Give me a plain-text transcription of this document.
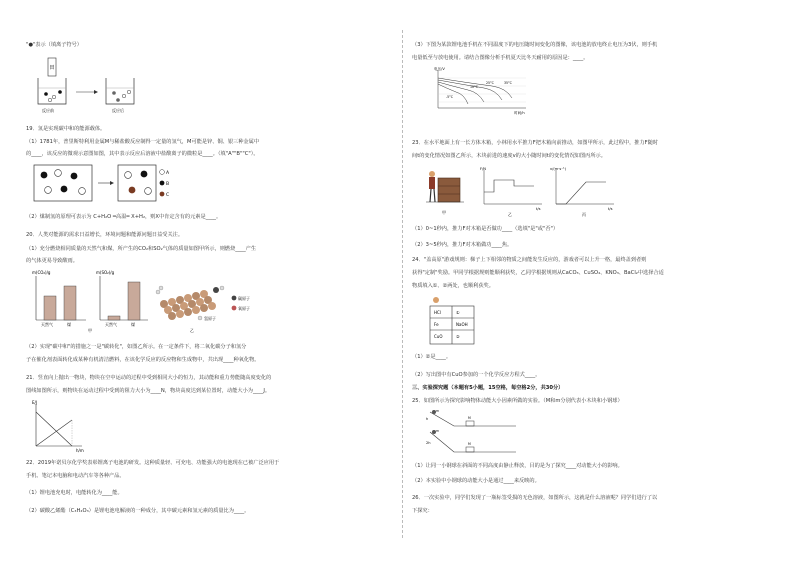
"●"表示（填离子符号）
田
反应前	反应后
19．氢是实现碳中和的能源载体。
（1）1781年，普里斯特利用金属M与稀盐酸反应制得一定量的氢气，M可能是锌、铜、银三种金属中
的____，该反应的微观示意图如图，其中表示反应后溶液中盐酸离子的微粒是____。（填"A""B""C"）。
A
B
C
（2）煤制氢的原理可表示为 C+H₂O ═高温═ X+H₂，则X中肯定含有的元素是____。
20．人类对能源的需求日益增长，环境问题和能源问题日益受关注。
（1）充分燃烧相同质量的天然气和煤，所产生的CO₂和SO₂气体的质量如图甲所示，则燃烧____产生
的气体更易导致酸雨。
m(CO₂)/g
天然气	煤
m(SO₂)/g
天然气	煤
甲
碳原子
氧原子
氢原子
乙
（2）实现"碳中和"的措施之一是"碳转化"，如图乙所示。在一定条件下，将二氧化碳分子和氢分
子在催化剂表面转化成某种有机清洁燃料，在该化学反应的反应物和生成物中，共出现____种氧化物。
21．竖直向上抛出一物块，物块在空中运动的过程中受到相同大小的恒力，其动能和重力势能随高度变化的
图线如图所示，则物块在运动过程中受到的阻力大小为____N，物块高度达到某位置时，动能大小为____J。
E/J
h/m
22．2019年诺贝尔化学奖表彰锂离子电池的研发。这种质量轻、可充电、功能强大的电池现在已被广泛应用于
手机、笔记本电脑和电动汽车等各种产品。
（1）锂电池充电时，电能转化为____能。
（2）碳酸乙烯酯（C₃H₄O₃）是锂电池电解液的一种成分，其中碳元素和氢元素的质量比为____。
（3）下图为某款锂电池手机在不同温度下的电压随时间变化的图像，该电池的放电终止电压为3伏，则手机
电量低至与放电使用。请结合图像分析手机夏天比冬天耐用的原因是：____。
电压/V
35°C
25°C
10°C
-5°C
时间/h
23．在水平地面上有一长方体木箱，小林用水平推力F把木箱向前推动，如图甲所示，此过程中，推力F随时
间t的变化情况如图乙所示，木块前进的速度v的大小随时间t的变化情况如图丙所示。
甲
F/N
t/s
乙
v/(m·s⁻¹)
t/s
丙
（1）0~1秒内，推力F对木箱是否做功____（选填"是"或"否"）
（2）3~5秒内，推力F对木箱做功____焦。
24．"盖高原"游戏规则：梯子上下相邻的物质之间能发生反应的，游戏者可以上升一格，最终盖到者则
获得"定制"奖励。甲同学根据规则能顺利获奖，乙同学根据规则从CaCO₃、CuSO₄、KNO₃、BaCl₂中选择合适
物质填入①、②两处，也顺利获奖。
HCl	①
Fe	NaOH
CuO	②
（1）②是____。
（2）写出图中有CuO参加的一个化学反应方程式____。
三、实验探究题（本题有5小题，15空格，每空格2分，共30分）
25．如图所示为探究影响物体动能大小因素所做的实验。（M和m分别代表小木块和小钢球）
h
m
M
2h
m
M
（1）让同一小钢球在斜面的不同高度由静止释放，目的是为了探究____对动能大小的影响。
（2）本实验中小钢球的动能大小是通过____来反映的。
26．一次实验中，同学们发现了一瓶标签受损的无色溶液，如图所示，这就是什么溶液呢？同学们进行了以
下探究：
